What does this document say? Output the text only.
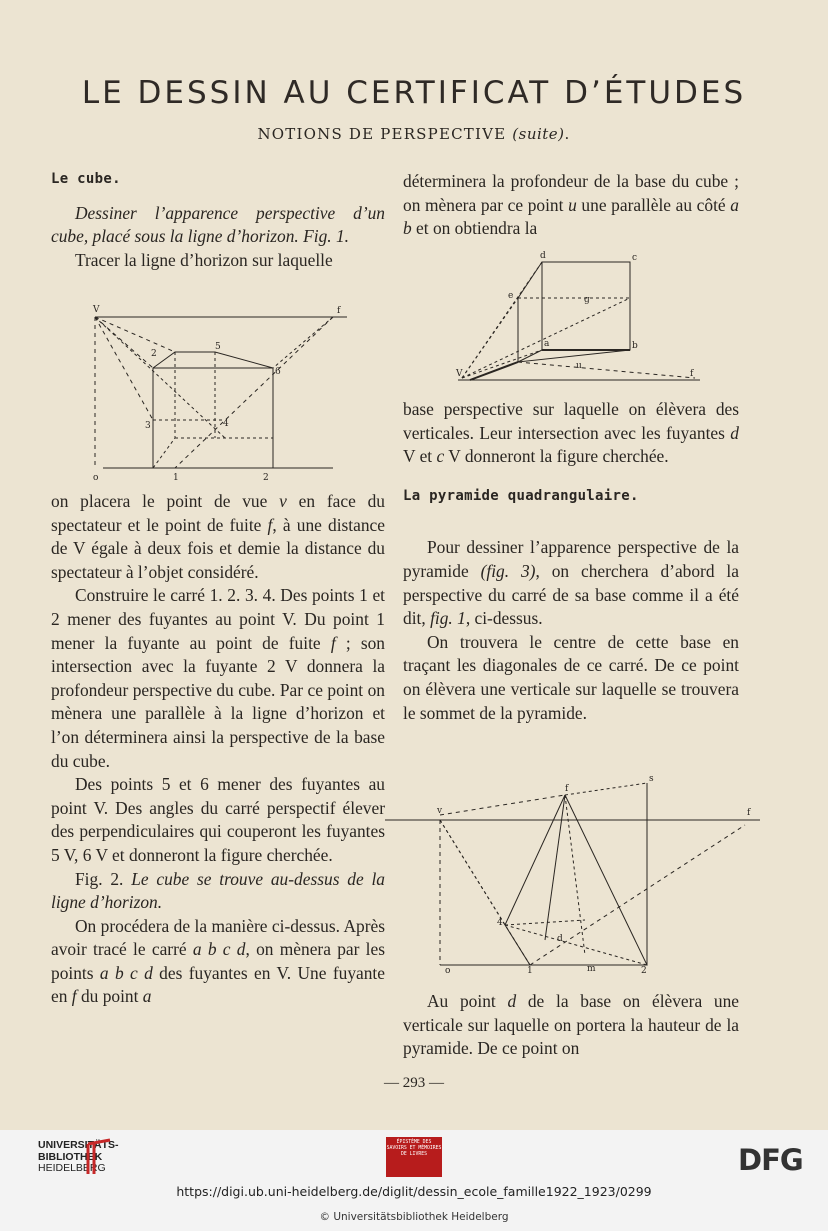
LE DESSIN AU CERTIFICAT D’ÉTUDES
NOTIONS DE PERSPECTIVE (suite).

Le cube.

Dessiner l’apparence perspective d’un cube, placé sous la ligne d’horizon. Fig. 1.

Tracer la ligne d’horizon sur laquelle

V	f
2
5
6
3	4
1	2
o

on placera le point de vue v en face du spectateur et le point de fuite f, à une distance de V égale à deux fois et demie la distance du spectateur à l’objet considéré.

Construire le carré 1. 2. 3. 4. Des points 1 et 2 mener des fuyantes au point V. Du point 1 mener la fuyante au point de fuite f ; son intersection avec la fuyante 2 V donnera la profondeur perspective du cube. Par ce point on mènera une parallèle à la ligne d’horizon et l’on déterminera ainsi la perspective de la base du cube.

Des points 5 et 6 mener des fuyantes au point V. Des angles du carré perspectif élever des perpendiculaires qui couperont les fuyantes 5 V, 6 V et donneront la figure cherchée.

Fig. 2. Le cube se trouve au-dessus de la ligne d’horizon.

On procédera de la manière ci-dessus. Après avoir tracé le carré a b c d, on mènera par les points a b c d des fuyantes en V. Une fuyante en f du point a

déterminera la profondeur de la base du cube ; on mènera par ce point u une parallèle au côté a b et on obtiendra la

d	c
e	g
a	b
V
u
f

base perspective sur laquelle on élèvera des verticales. Leur intersection avec les fuyantes d V et c V donneront la figure cherchée.

La pyramide quadrangulaire.

Pour dessiner l’apparence perspective de la pyramide (fig. 3), on cherchera d’abord la perspective du carré de sa base comme il a été dit, fig. 1, ci-dessus.

On trouvera le centre de cette base en traçant les diagonales de ce carré. De ce point on élèvera une verticale sur laquelle se trouvera le sommet de la pyramide.

v	f
s
f
4
d
o	1	m	2

Au point d de la base on élèvera une verticale sur laquelle on portera la hauteur de la pyramide. De ce point on

— 293 —
UNIVERSITÄTS-
BIBLIOTHEK
HEIDELBERG
ÉPISTÈME DES SAVOIRS ET MÉMOIRES DE LIVRES	DFG
https://digi.ub.uni-heidelberg.de/diglit/dessin_ecole_famille1922_1923/0299
© Universitätsbibliothek Heidelberg
